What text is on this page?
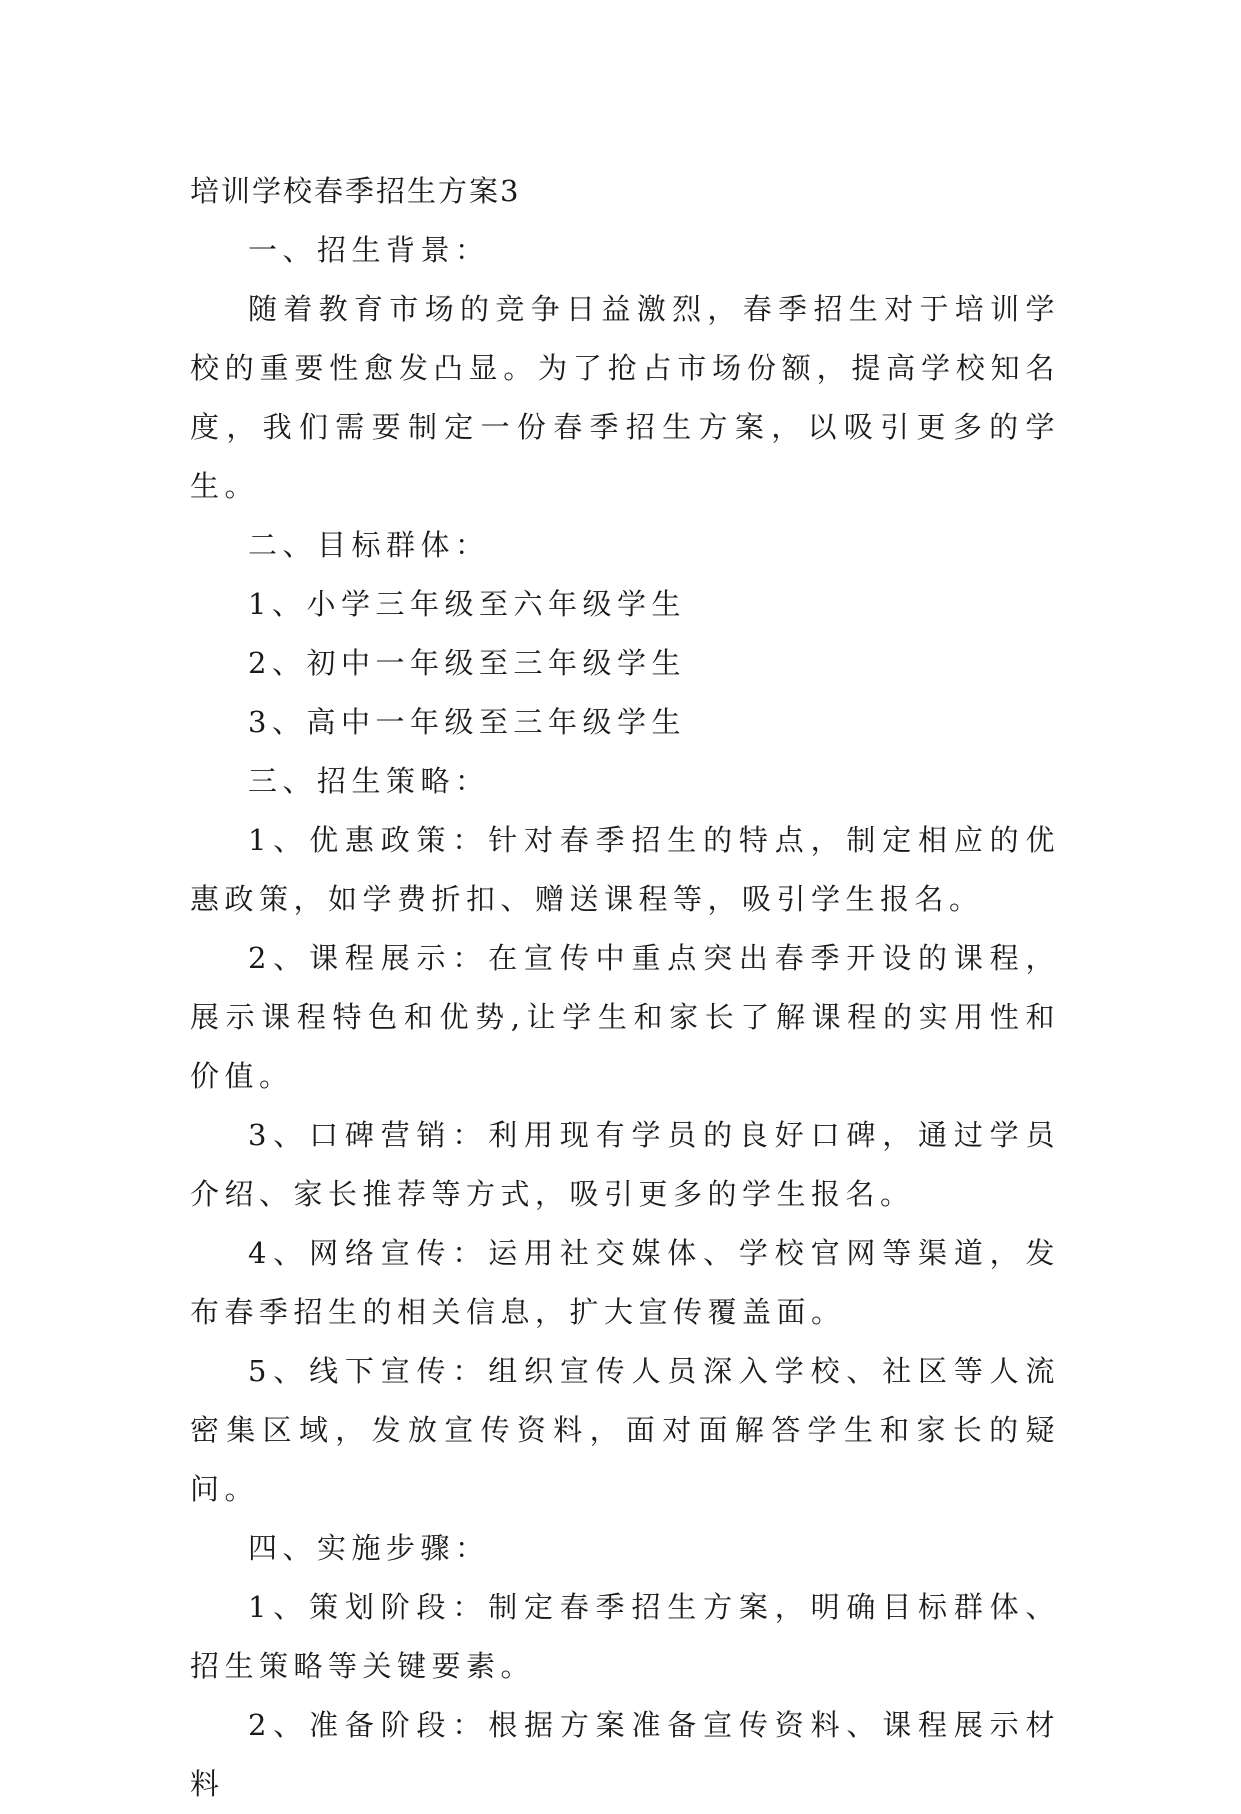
培训学校春季招生方案3

一、招生背景：

随着教育市场的竞争日益激烈，春季招生对于培训学校的重要性愈发凸显。为了抢占市场份额，提高学校知名度，我们需要制定一份春季招生方案，以吸引更多的学生。

二、目标群体：

1、小学三年级至六年级学生

2、初中一年级至三年级学生

3、高中一年级至三年级学生

三、招生策略：

1、优惠政策：针对春季招生的特点，制定相应的优惠政策，如学费折扣、赠送课程等，吸引学生报名。

2、课程展示：在宣传中重点突出春季开设的课程，展示课程特色和优势,让学生和家长了解课程的实用性和价值。

3、口碑营销：利用现有学员的良好口碑，通过学员介绍、家长推荐等方式，吸引更多的学生报名。

4、网络宣传：运用社交媒体、学校官网等渠道，发布春季招生的相关信息，扩大宣传覆盖面。

5、线下宣传：组织宣传人员深入学校、社区等人流密集区域，发放宣传资料，面对面解答学生和家长的疑问。

四、实施步骤：

1、策划阶段：制定春季招生方案，明确目标群体、招生策略等关键要素。

2、准备阶段：根据方案准备宣传资料、课程展示材料
